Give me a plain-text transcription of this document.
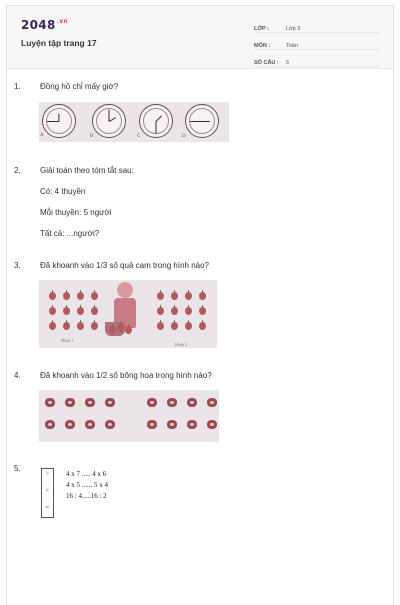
$2048^{.vn}$
Luyện tập trang 17
LỚP :	Lớp 3
MÔN :	Toán
SỐ CÂU :	5
1.	Đồng hồ chỉ mấy giờ?
A	B	C	D
2.	Giải toán theo tóm tắt sau:
Có: 4 thuyền
Mỗi thuyền: 5 người
Tất cả: ...người?
3.	Đã khoanh vào 1/3 số quả cam trong hình nào?
Hình 1
Hình 2
4.	Đã khoanh vào 1/2 số bông hoa trong hình nào?
5.
>
<
=
4 x 7 ..... 4 x 6
4 x 5 ...... 5 x 4
16 : 4.....16 : 2
